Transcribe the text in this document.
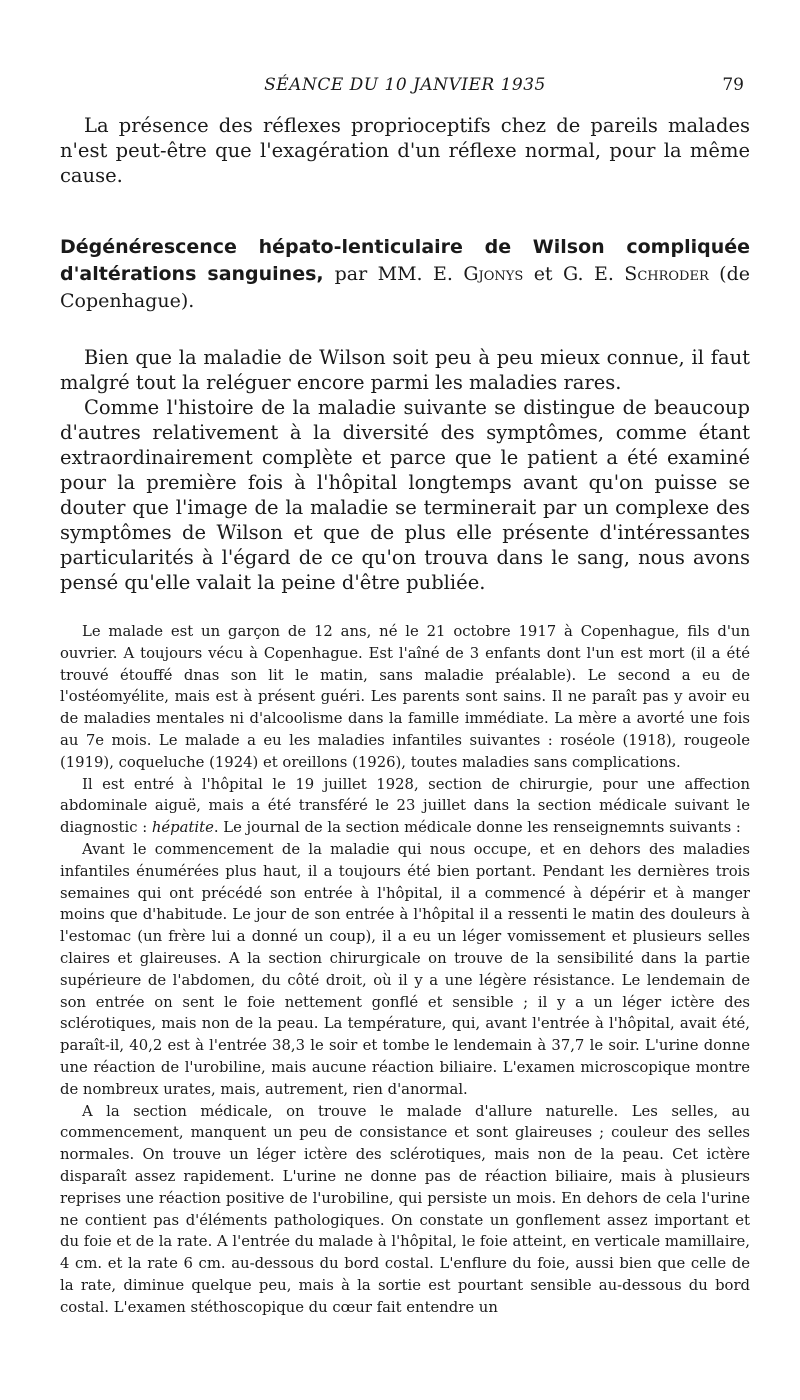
SÉANCE DU 10 JANVIER 1935	79

La présence des réflexes proprioceptifs chez de pareils malades n'est peut-être que l'exagération d'un réflexe normal, pour la même cause.

Dégénérescence hépato-lenticulaire de Wilson compliquée d'altérations sanguines, par MM. E. Gjonys et G. E. Schroder (de Copenhague).

Bien que la maladie de Wilson soit peu à peu mieux connue, il faut malgré tout la reléguer encore parmi les maladies rares.

Comme l'histoire de la maladie suivante se distingue de beaucoup d'autres relativement à la diversité des symptômes, comme étant extraordinairement complète et parce que le patient a été examiné pour la première fois à l'hôpital longtemps avant qu'on puisse se douter que l'image de la maladie se terminerait par un complexe des symptômes de Wilson et que de plus elle présente d'intéressantes particularités à l'égard de ce qu'on trouva dans le sang, nous avons pensé qu'elle valait la peine d'être publiée.

Le malade est un garçon de 12 ans, né le 21 octobre 1917 à Copenhague, fils d'un ouvrier. A toujours vécu à Copenhague. Est l'aîné de 3 enfants dont l'un est mort (il a été trouvé étouffé dnas son lit le matin, sans maladie préalable). Le second a eu de l'ostéomyélite, mais est à présent guéri. Les parents sont sains. Il ne paraît pas y avoir eu de maladies mentales ni d'alcoolisme dans la famille immédiate. La mère a avorté une fois au 7e mois. Le malade a eu les maladies infantiles suivantes : roséole (1918), rougeole (1919), coqueluche (1924) et oreillons (1926), toutes maladies sans complications.

Il est entré à l'hôpital le 19 juillet 1928, section de chirurgie, pour une affection abdominale aiguë, mais a été transféré le 23 juillet dans la section médicale suivant le diagnostic : hépatite. Le journal de la section médicale donne les renseignemnts suivants :

Avant le commencement de la maladie qui nous occupe, et en dehors des maladies infantiles énumérées plus haut, il a toujours été bien portant. Pendant les dernières trois semaines qui ont précédé son entrée à l'hôpital, il a commencé à dépérir et à manger moins que d'habitude. Le jour de son entrée à l'hôpital il a ressenti le matin des douleurs à l'estomac (un frère lui a donné un coup), il a eu un léger vomissement et plusieurs selles claires et glaireuses. A la section chirurgicale on trouve de la sensibilité dans la partie supérieure de l'abdomen, du côté droit, où il y a une légère résistance. Le lendemain de son entrée on sent le foie nettement gonflé et sensible ; il y a un léger ictère des sclérotiques, mais non de la peau. La température, qui, avant l'entrée à l'hôpital, avait été, paraît-il, 40,2 est à l'entrée 38,3 le soir et tombe le lendemain à 37,7 le soir. L'urine donne une réaction de l'urobiline, mais aucune réaction biliaire. L'examen microscopique montre de nombreux urates, mais, autrement, rien d'anormal.

A la section médicale, on trouve le malade d'allure naturelle. Les selles, au commencement, manquent un peu de consistance et sont glaireuses ; couleur des selles normales. On trouve un léger ictère des sclérotiques, mais non de la peau. Cet ictère disparaît assez rapidement. L'urine ne donne pas de réaction biliaire, mais à plusieurs reprises une réaction positive de l'urobiline, qui persiste un mois. En dehors de cela l'urine ne contient pas d'éléments pathologiques. On constate un gonflement assez important et du foie et de la rate. A l'entrée du malade à l'hôpital, le foie atteint, en verticale mamillaire, 4 cm. et la rate 6 cm. au-dessous du bord costal. L'enflure du foie, aussi bien que celle de la rate, diminue quelque peu, mais à la sortie est pourtant sensible au-dessous du bord costal. L'examen stéthoscopique du cœur fait entendre un
